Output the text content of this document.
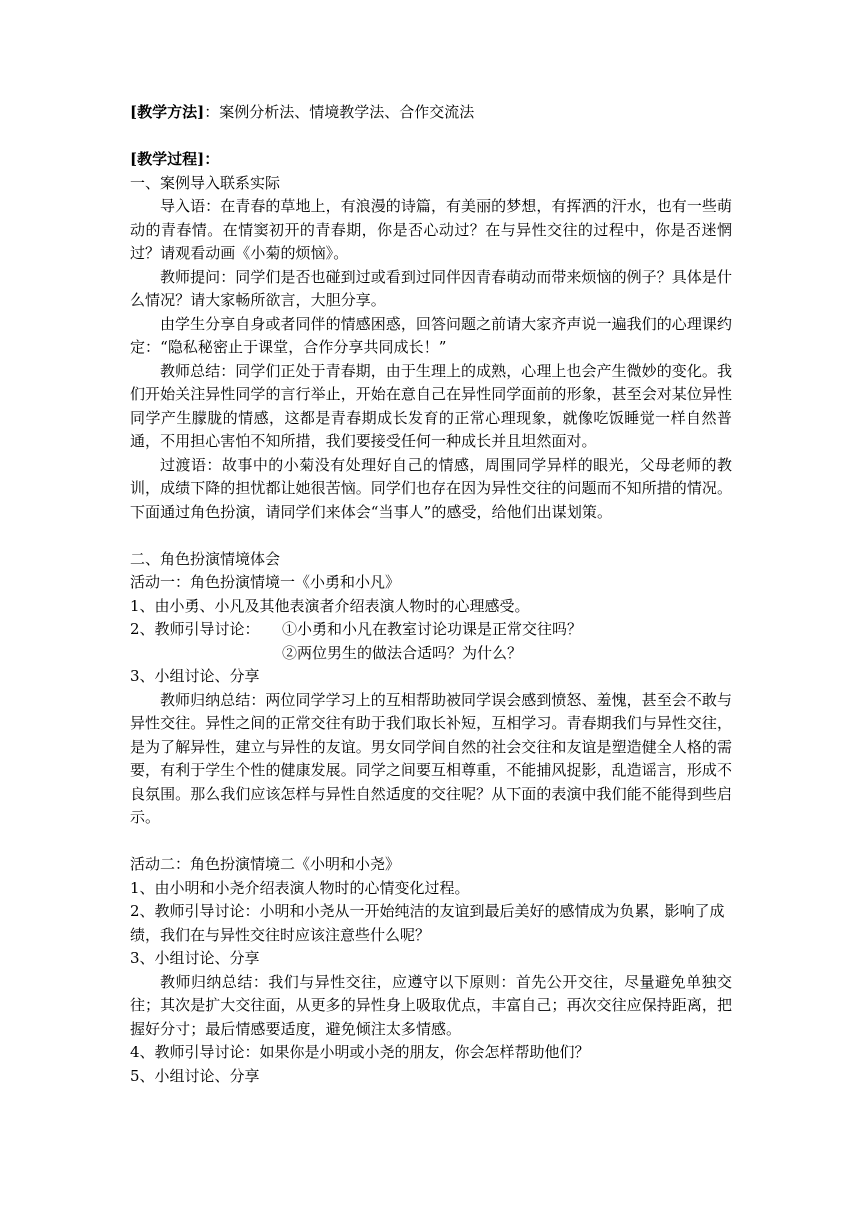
[教学方法]：案例分析法、情境教学法、合作交流法
[教学过程]：
一、案例导入联系实际

导入语：在青春的草地上，有浪漫的诗篇，有美丽的梦想，有挥洒的汗水，也有一些萌动的青春情。在情窦初开的青春期，你是否心动过？在与异性交往的过程中，你是否迷惘过？请观看动画《小菊的烦恼》。

教师提问：同学们是否也碰到过或看到过同伴因青春萌动而带来烦恼的例子？具体是什么情况？请大家畅所欲言，大胆分享。

由学生分享自身或者同伴的情感困惑，回答问题之前请大家齐声说一遍我们的心理课约定：“隐私秘密止于课堂，合作分享共同成长！”

教师总结：同学们正处于青春期，由于生理上的成熟，心理上也会产生微妙的变化。我们开始关注异性同学的言行举止，开始在意自己在异性同学面前的形象，甚至会对某位异性同学产生朦胧的情感，这都是青春期成长发育的正常心理现象，就像吃饭睡觉一样自然普通，不用担心害怕不知所措，我们要接受任何一种成长并且坦然面对。

过渡语：故事中的小菊没有处理好自己的情感，周围同学异样的眼光，父母老师的教训，成绩下降的担忧都让她很苦恼。同学们也存在因为异性交往的问题而不知所措的情况。下面通过角色扮演，请同学们来体会“当事人”的感受，给他们出谋划策。

二、角色扮演情境体会
活动一：角色扮演情境一《小勇和小凡》
1、由小勇、小凡及其他表演者介绍表演人物时的心理感受。
2、教师引导讨论：	①小勇和小凡在教室讨论功课是正常交往吗？
②两位男生的做法合适吗？为什么？
3、小组讨论、分享

教师归纳总结：两位同学学习上的互相帮助被同学误会感到愤怒、羞愧，甚至会不敢与异性交往。异性之间的正常交往有助于我们取长补短，互相学习。青春期我们与异性交往，是为了解异性，建立与异性的友谊。男女同学间自然的社会交往和友谊是塑造健全人格的需要，有利于学生个性的健康发展。同学之间要互相尊重，不能捕风捉影，乱造谣言，形成不良氛围。那么我们应该怎样与异性自然适度的交往呢？从下面的表演中我们能不能得到些启示。

活动二：角色扮演情境二《小明和小尧》
1、由小明和小尧介绍表演人物时的心情变化过程。

2、教师引导讨论：小明和小尧从一开始纯洁的友谊到最后美好的感情成为负累，影响了成绩，我们在与异性交往时应该注意些什么呢？

3、小组讨论、分享

教师归纳总结：我们与异性交往，应遵守以下原则：首先公开交往，尽量避免单独交往；其次是扩大交往面，从更多的异性身上吸取优点，丰富自己；再次交往应保持距离，把握好分寸；最后情感要适度，避免倾注太多情感。

4、教师引导讨论：如果你是小明或小尧的朋友，你会怎样帮助他们？
5、小组讨论、分享
